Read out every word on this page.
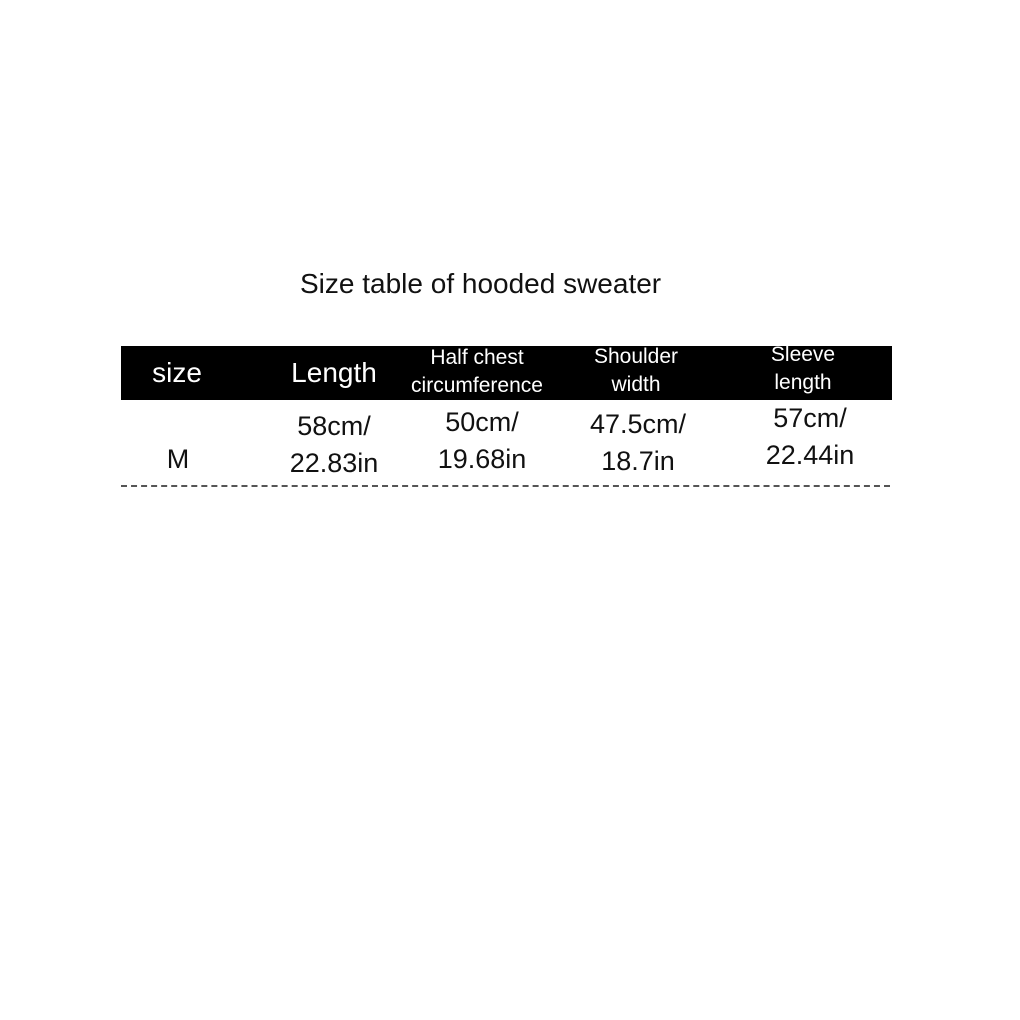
Size table of hooded sweater
size	Length	Half chest
circumference
Shoulder
width
Sleeve
length
M
58cm/
22.83in
50cm/
19.68in
47.5cm/
18.7in
57cm/
22.44in
